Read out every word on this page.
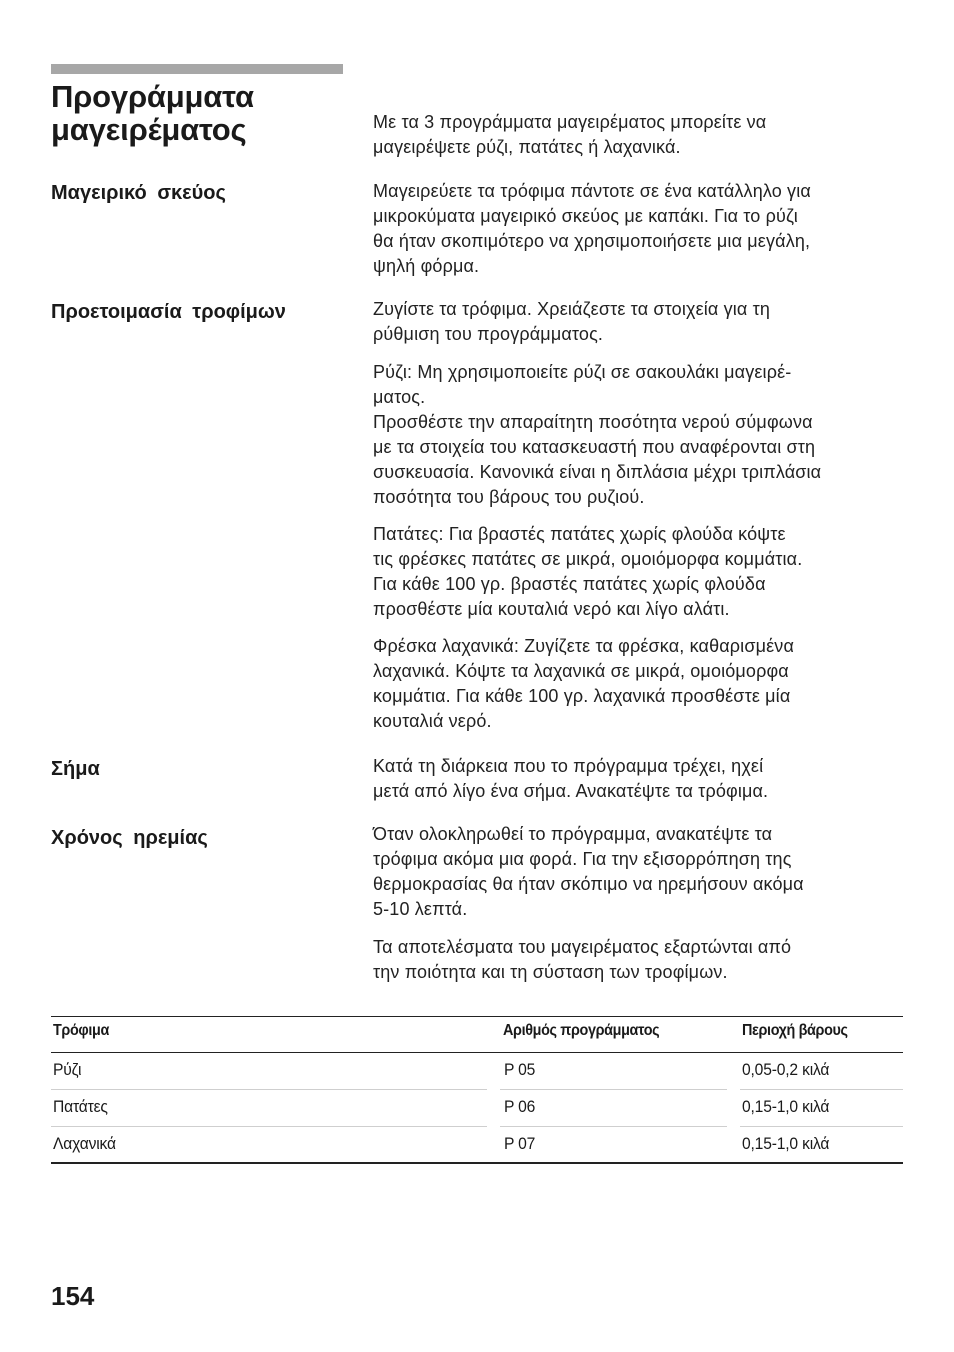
Προγράμματα
μαγειρέματος	Με τα 3 προγράμματα μαγειρέματος μπορείτε να
μαγειρέψετε ρύζι, πατάτες ή λαχανικά.

Μαγειρικό σκεύος	Μαγειρεύετε τα τρόφιμα πάντοτε σε ένα κατάλληλο για
μικροκύματα μαγειρικό σκεύος με καπάκι. Για το ρύζι
θα ήταν σκοπιμότερο να χρησιμοποιήσετε μια μεγάλη,
ψηλή φόρμα.

Προετοιμασία τροφίμων	Ζυγίστε τα τρόφιμα. Χρειάζεστε τα στοιχεία για τη
ρύθμιση του προγράμματος.

Ρύζι: Μη χρησιμοποιείτε ρύζι σε σακουλάκι μαγειρέ-
ματος.
Προσθέστε την απαραίτητη ποσότητα νερού σύμφωνα
με τα στοιχεία του κατασκευαστή που αναφέρονται στη
συσκευασία. Κανονικά είναι η διπλάσια μέχρι τριπλάσια
ποσότητα του βάρους του ρυζιού.

Πατάτες: Για βραστές πατάτες χωρίς φλούδα κόψτε
τις φρέσκες πατάτες σε μικρά, ομοιόμορφα κομμάτια.
Για κάθε 100 γρ. βραστές πατάτες χωρίς φλούδα
προσθέστε μία κουταλιά νερό και λίγο αλάτι.

Φρέσκα λαχανικά: Ζυγίζετε τα φρέσκα, καθαρισμένα
λαχανικά. Κόψτε τα λαχανικά σε μικρά, ομοιόμορφα
κομμάτια. Για κάθε 100 γρ. λαχανικά προσθέστε μία
κουταλιά νερό.

Σήμα	Κατά τη διάρκεια που το πρόγραμμα τρέχει, ηχεί
μετά από λίγο ένα σήμα. Ανακατέψτε τα τρόφιμα.

Χρόνος ηρεμίας	Όταν ολοκληρωθεί το πρόγραμμα, ανακατέψτε τα
τρόφιμα ακόμα μια φορά. Για την εξισορρόπηση της
θερμοκρασίας θα ήταν σκόπιμο να ηρεμήσουν ακόμα
5-10 λεπτά.

Τα αποτελέσματα του μαγειρέματος εξαρτώνται από
την ποιότητα και τη σύσταση των τροφίμων.

Τρόφιμα	Αριθμός προγράμματος	Περιοχή βάρους
Ρύζι	P 05	0,05-0,2 κιλά
Πατάτες	P 06	0,15-1,0 κιλά
Λαχανικά	P 07	0,15-1,0 κιλά
154
